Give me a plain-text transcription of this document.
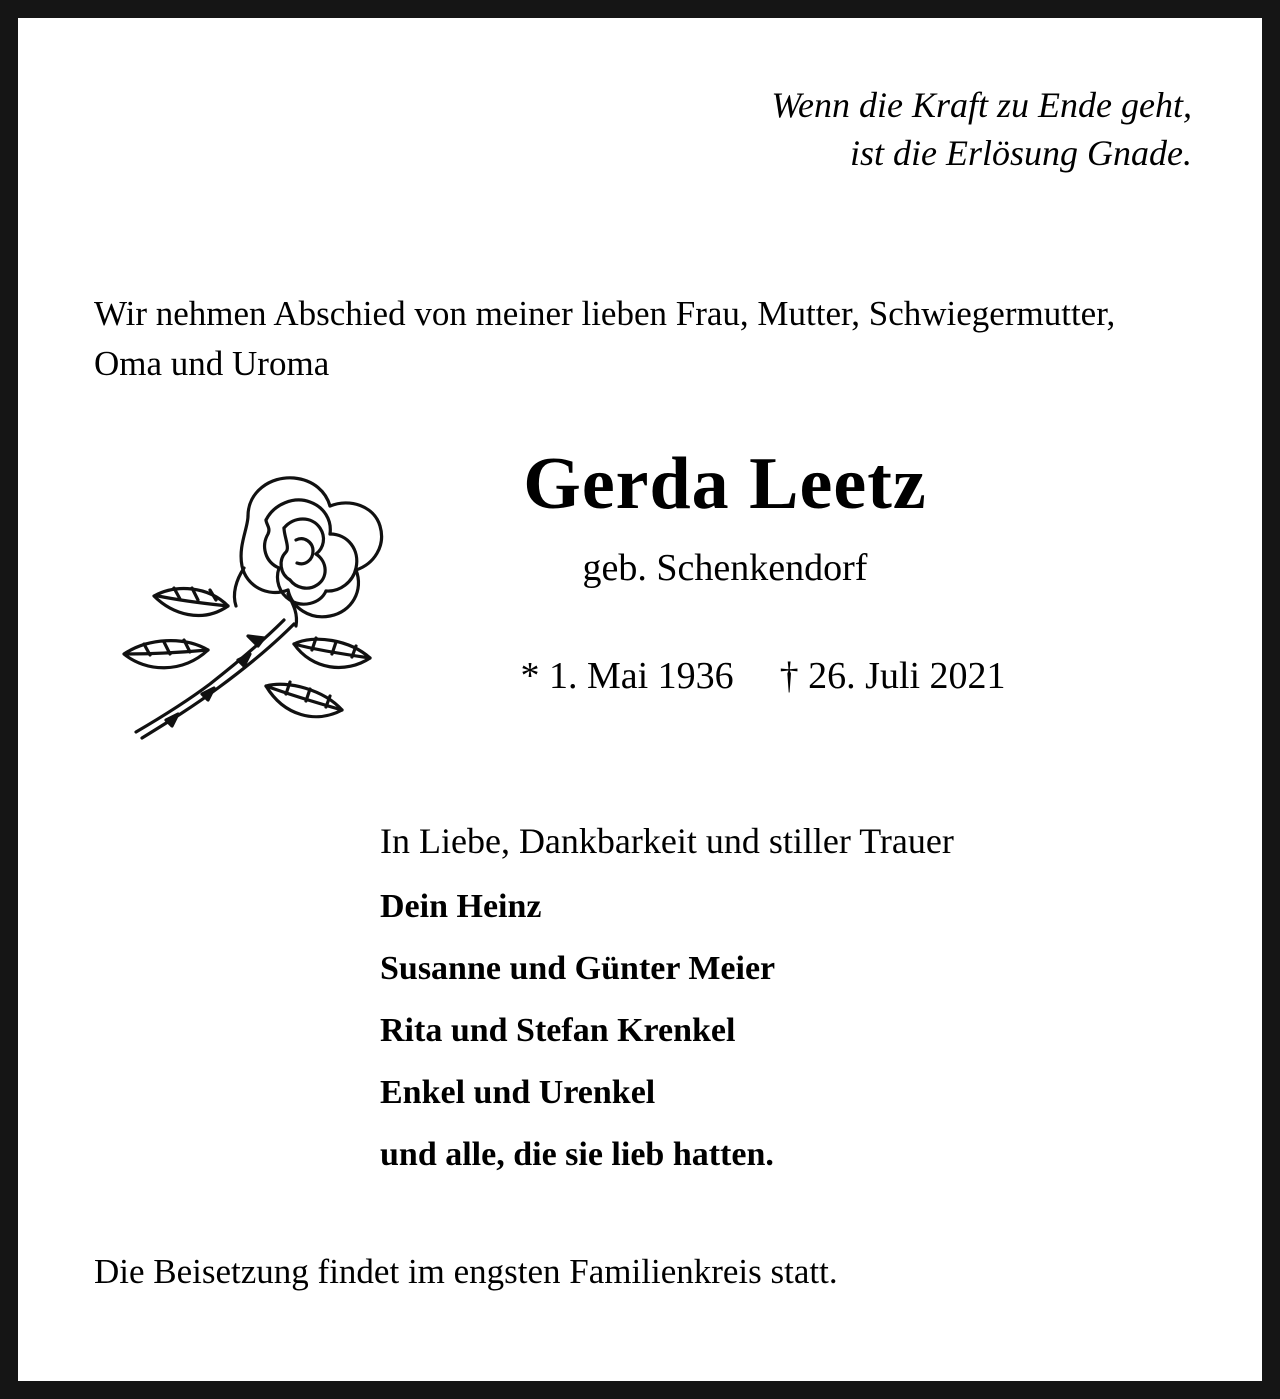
Wenn die Kraft zu Ende geht,
ist die Erlösung Gnade.
Wir nehmen Abschied von meiner lieben Frau, Mutter, Schwiegermutter, Oma und Uroma
Gerda Leetz
geb. Schenkendorf

* 1. Mai 1936 † 26. Juli 2021

In Liebe, Dankbarkeit und stiller Trauer
Dein Heinz
Susanne und Günter Meier
Rita und Stefan Krenkel
Enkel und Urenkel
und alle, die sie lieb hatten.
Die Beisetzung findet im engsten Familienkreis statt.
